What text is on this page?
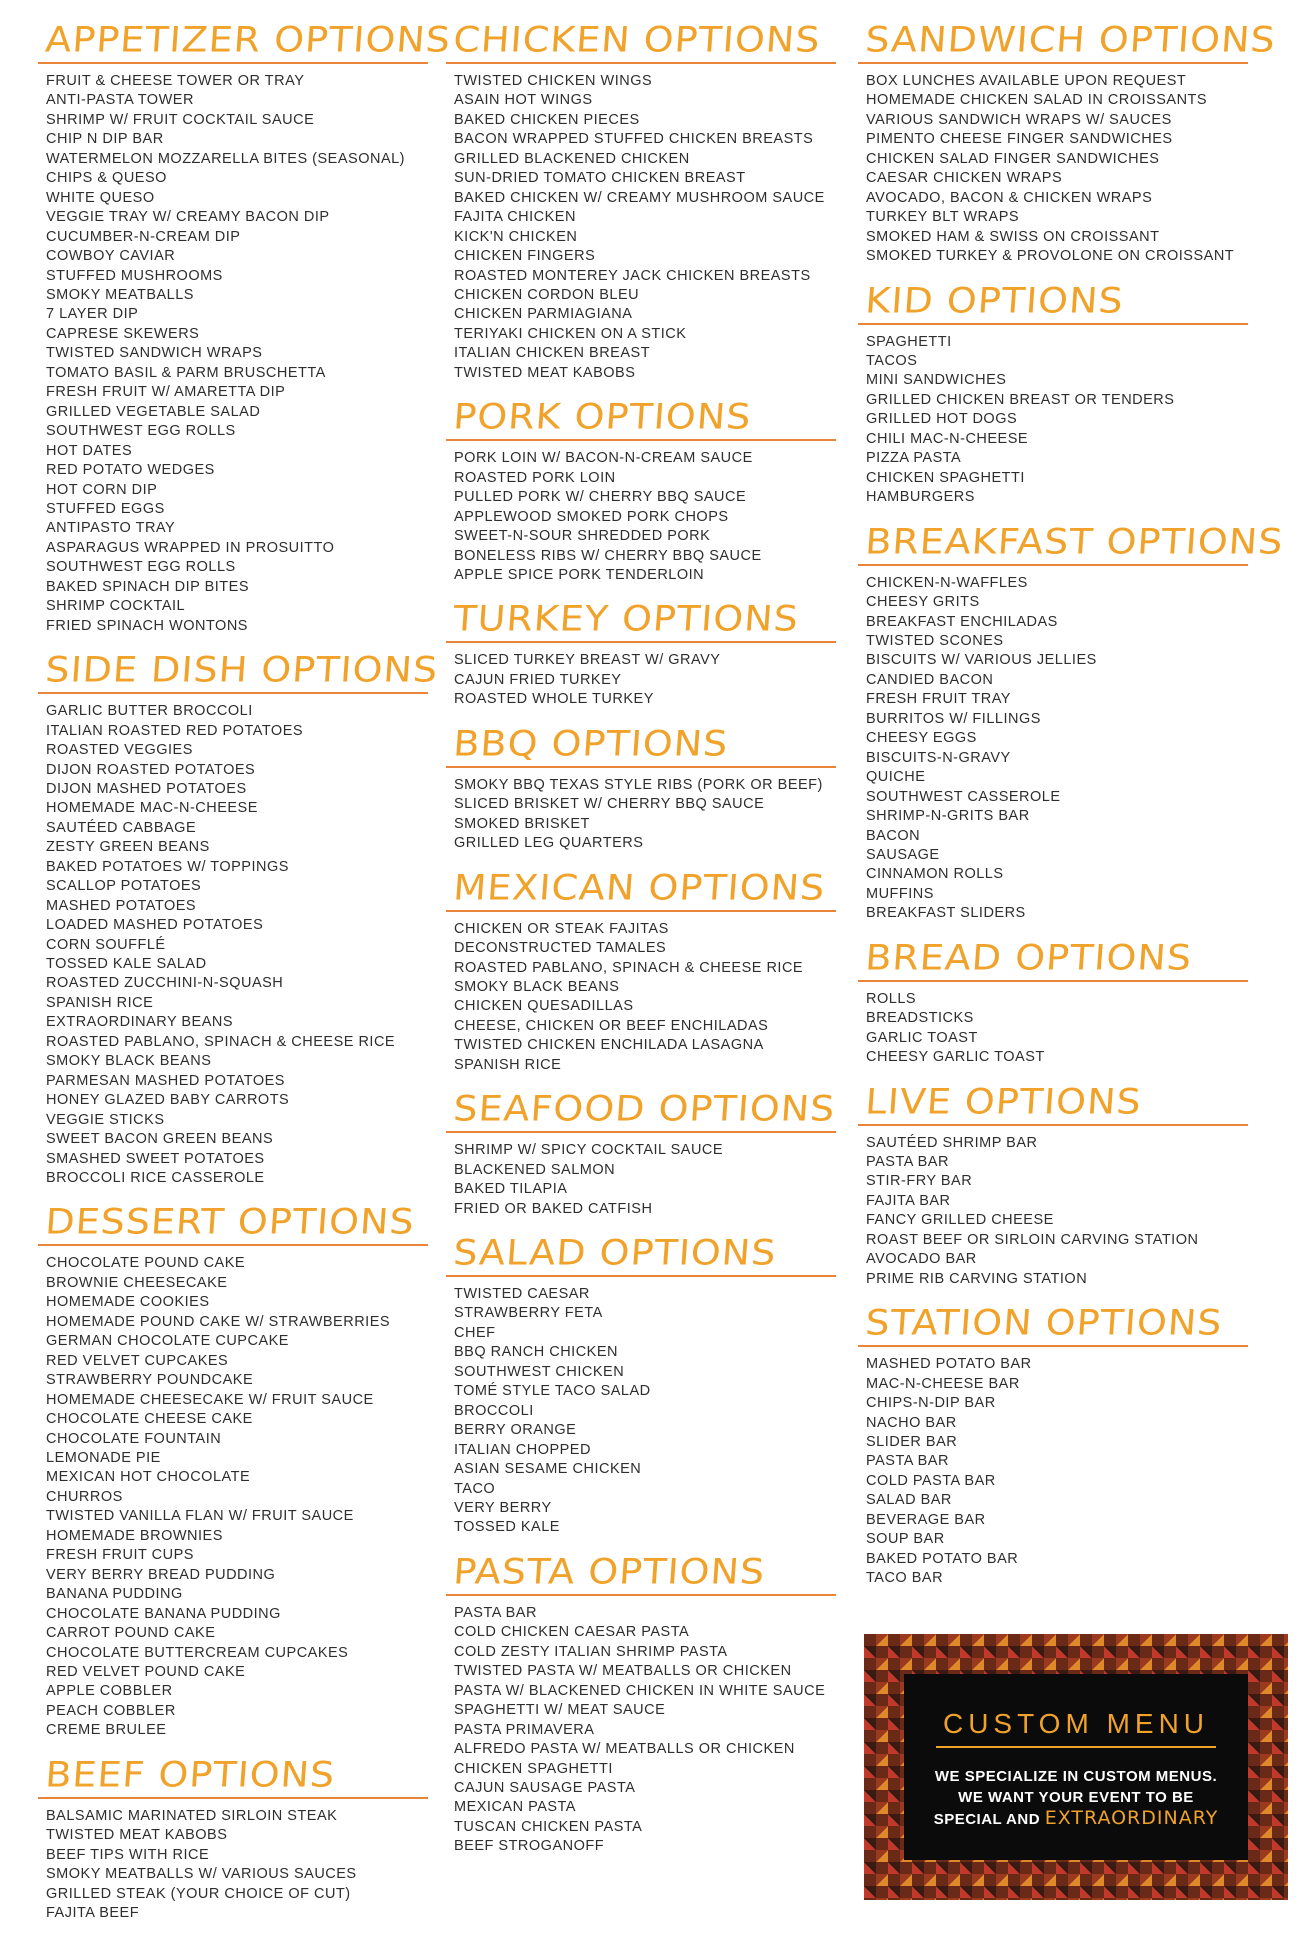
APPETIZER OPTIONS
FRUIT & CHEESE TOWER OR TRAY
ANTI-PASTA TOWER
SHRIMP W/ FRUIT COCKTAIL SAUCE
CHIP N DIP BAR
WATERMELON MOZZARELLA BITES (SEASONAL)
CHIPS & QUESO
WHITE QUESO
VEGGIE TRAY W/ CREAMY BACON DIP
CUCUMBER-N-CREAM DIP
COWBOY CAVIAR
STUFFED MUSHROOMS
SMOKY MEATBALLS
7 LAYER DIP
CAPRESE SKEWERS
TWISTED SANDWICH WRAPS
TOMATO BASIL & PARM BRUSCHETTA
FRESH FRUIT W/ AMARETTA DIP
GRILLED VEGETABLE SALAD
SOUTHWEST EGG ROLLS
HOT DATES
RED POTATO WEDGES
HOT CORN DIP
STUFFED EGGS
ANTIPASTO TRAY
ASPARAGUS WRAPPED IN PROSUITTO
SOUTHWEST EGG ROLLS
BAKED SPINACH DIP BITES
SHRIMP COCKTAIL
FRIED SPINACH WONTONS
SIDE DISH OPTIONS
GARLIC BUTTER BROCCOLI
ITALIAN ROASTED RED POTATOES
ROASTED VEGGIES
DIJON ROASTED POTATOES
DIJON MASHED POTATOES
HOMEMADE MAC-N-CHEESE
SAUTÉED CABBAGE
ZESTY GREEN BEANS
BAKED POTATOES W/ TOPPINGS
SCALLOP POTATOES
MASHED POTATOES
LOADED MASHED POTATOES
CORN SOUFFLÉ
TOSSED KALE SALAD
ROASTED ZUCCHINI-N-SQUASH
SPANISH RICE
EXTRAORDINARY BEANS
ROASTED PABLANO, SPINACH & CHEESE RICE
SMOKY BLACK BEANS
PARMESAN MASHED POTATOES
HONEY GLAZED BABY CARROTS
VEGGIE STICKS
SWEET BACON GREEN BEANS
SMASHED SWEET POTATOES
BROCCOLI RICE CASSEROLE
DESSERT OPTIONS
CHOCOLATE POUND CAKE
BROWNIE CHEESECAKE
HOMEMADE COOKIES
HOMEMADE POUND CAKE W/ STRAWBERRIES
GERMAN CHOCOLATE CUPCAKE
RED VELVET CUPCAKES
STRAWBERRY POUNDCAKE
HOMEMADE CHEESECAKE W/ FRUIT SAUCE
CHOCOLATE CHEESE CAKE
CHOCOLATE FOUNTAIN
LEMONADE PIE
MEXICAN HOT CHOCOLATE
CHURROS
TWISTED VANILLA FLAN W/ FRUIT SAUCE
HOMEMADE BROWNIES
FRESH FRUIT CUPS
VERY BERRY BREAD PUDDING
BANANA PUDDING
CHOCOLATE BANANA PUDDING
CARROT POUND CAKE
CHOCOLATE BUTTERCREAM CUPCAKES
RED VELVET POUND CAKE
APPLE COBBLER
PEACH COBBLER
CREME BRULEE
BEEF OPTIONS
BALSAMIC MARINATED SIRLOIN STEAK
TWISTED MEAT KABOBS
BEEF TIPS WITH RICE
SMOKY MEATBALLS W/ VARIOUS SAUCES
GRILLED STEAK (YOUR CHOICE OF CUT)
FAJITA BEEF
CHICKEN OPTIONS
TWISTED CHICKEN WINGS
ASAIN HOT WINGS
BAKED CHICKEN PIECES
BACON WRAPPED STUFFED CHICKEN BREASTS
GRILLED BLACKENED CHICKEN
SUN-DRIED TOMATO CHICKEN BREAST
BAKED CHICKEN W/ CREAMY MUSHROOM SAUCE
FAJITA CHICKEN
KICK'N CHICKEN
CHICKEN FINGERS
ROASTED MONTEREY JACK CHICKEN BREASTS
CHICKEN CORDON BLEU
CHICKEN PARMIAGIANA
TERIYAKI CHICKEN ON A STICK
ITALIAN CHICKEN BREAST
TWISTED MEAT KABOBS
PORK OPTIONS
PORK LOIN W/ BACON-N-CREAM SAUCE
ROASTED PORK LOIN
PULLED PORK W/ CHERRY BBQ SAUCE
APPLEWOOD SMOKED PORK CHOPS
SWEET-N-SOUR SHREDDED PORK
BONELESS RIBS W/ CHERRY BBQ SAUCE
APPLE SPICE PORK TENDERLOIN
TURKEY OPTIONS
SLICED TURKEY BREAST W/ GRAVY
CAJUN FRIED TURKEY
ROASTED WHOLE TURKEY
BBQ OPTIONS
SMOKY BBQ TEXAS STYLE RIBS (PORK OR BEEF)
SLICED BRISKET W/ CHERRY BBQ SAUCE
SMOKED BRISKET
GRILLED LEG QUARTERS
MEXICAN OPTIONS
CHICKEN OR STEAK FAJITAS
DECONSTRUCTED TAMALES
ROASTED PABLANO, SPINACH & CHEESE RICE
SMOKY BLACK BEANS
CHICKEN QUESADILLAS
CHEESE, CHICKEN OR BEEF ENCHILADAS
TWISTED CHICKEN ENCHILADA LASAGNA
SPANISH RICE
SEAFOOD OPTIONS
SHRIMP W/ SPICY COCKTAIL SAUCE
BLACKENED SALMON
BAKED TILAPIA
FRIED OR BAKED CATFISH
SALAD OPTIONS
TWISTED CAESAR
STRAWBERRY FETA
CHEF
BBQ RANCH CHICKEN
SOUTHWEST CHICKEN
TOMÉ STYLE TACO SALAD
BROCCOLI
BERRY ORANGE
ITALIAN CHOPPED
ASIAN SESAME CHICKEN
TACO
VERY BERRY
TOSSED KALE
PASTA OPTIONS
PASTA BAR
COLD CHICKEN CAESAR PASTA
COLD ZESTY ITALIAN SHRIMP PASTA
TWISTED PASTA W/ MEATBALLS OR CHICKEN
PASTA W/ BLACKENED CHICKEN IN WHITE SAUCE
SPAGHETTI W/ MEAT SAUCE
PASTA PRIMAVERA
ALFREDO PASTA W/ MEATBALLS OR CHICKEN
CHICKEN SPAGHETTI
CAJUN SAUSAGE PASTA
MEXICAN PASTA
TUSCAN CHICKEN PASTA
BEEF STROGANOFF
SANDWICH OPTIONS
BOX LUNCHES AVAILABLE UPON REQUEST
HOMEMADE CHICKEN SALAD IN CROISSANTS
VARIOUS SANDWICH WRAPS W/ SAUCES
PIMENTO CHEESE FINGER SANDWICHES
CHICKEN SALAD FINGER SANDWICHES
CAESAR CHICKEN WRAPS
AVOCADO, BACON & CHICKEN WRAPS
TURKEY BLT WRAPS
SMOKED HAM & SWISS ON CROISSANT
SMOKED TURKEY & PROVOLONE ON CROISSANT
KID OPTIONS
SPAGHETTI
TACOS
MINI SANDWICHES
GRILLED CHICKEN BREAST OR TENDERS
GRILLED HOT DOGS
CHILI MAC-N-CHEESE
PIZZA PASTA
CHICKEN SPAGHETTI
HAMBURGERS
BREAKFAST OPTIONS
CHICKEN-N-WAFFLES
CHEESY GRITS
BREAKFAST ENCHILADAS
TWISTED SCONES
BISCUITS W/ VARIOUS JELLIES
CANDIED BACON
FRESH FRUIT TRAY
BURRITOS W/ FILLINGS
CHEESY EGGS
BISCUITS-N-GRAVY
QUICHE
SOUTHWEST CASSEROLE
SHRIMP-N-GRITS BAR
BACON
SAUSAGE
CINNAMON ROLLS
MUFFINS
BREAKFAST SLIDERS
BREAD OPTIONS
ROLLS
BREADSTICKS
GARLIC TOAST
CHEESY GARLIC TOAST
LIVE OPTIONS
SAUTÉED SHRIMP BAR
PASTA BAR
STIR-FRY BAR
FAJITA BAR
FANCY GRILLED CHEESE
ROAST BEEF OR SIRLOIN CARVING STATION
AVOCADO BAR
PRIME RIB CARVING STATION
STATION OPTIONS
MASHED POTATO BAR
MAC-N-CHEESE BAR
CHIPS-N-DIP BAR
NACHO BAR
SLIDER BAR
PASTA BAR
COLD PASTA BAR
SALAD BAR
BEVERAGE BAR
SOUP BAR
BAKED POTATO BAR
TACO BAR
CUSTOM MENU
WE SPECIALIZE IN CUSTOM MENUS.
WE WANT YOUR EVENT TO BE
SPECIAL AND EXTRAORDINARY
